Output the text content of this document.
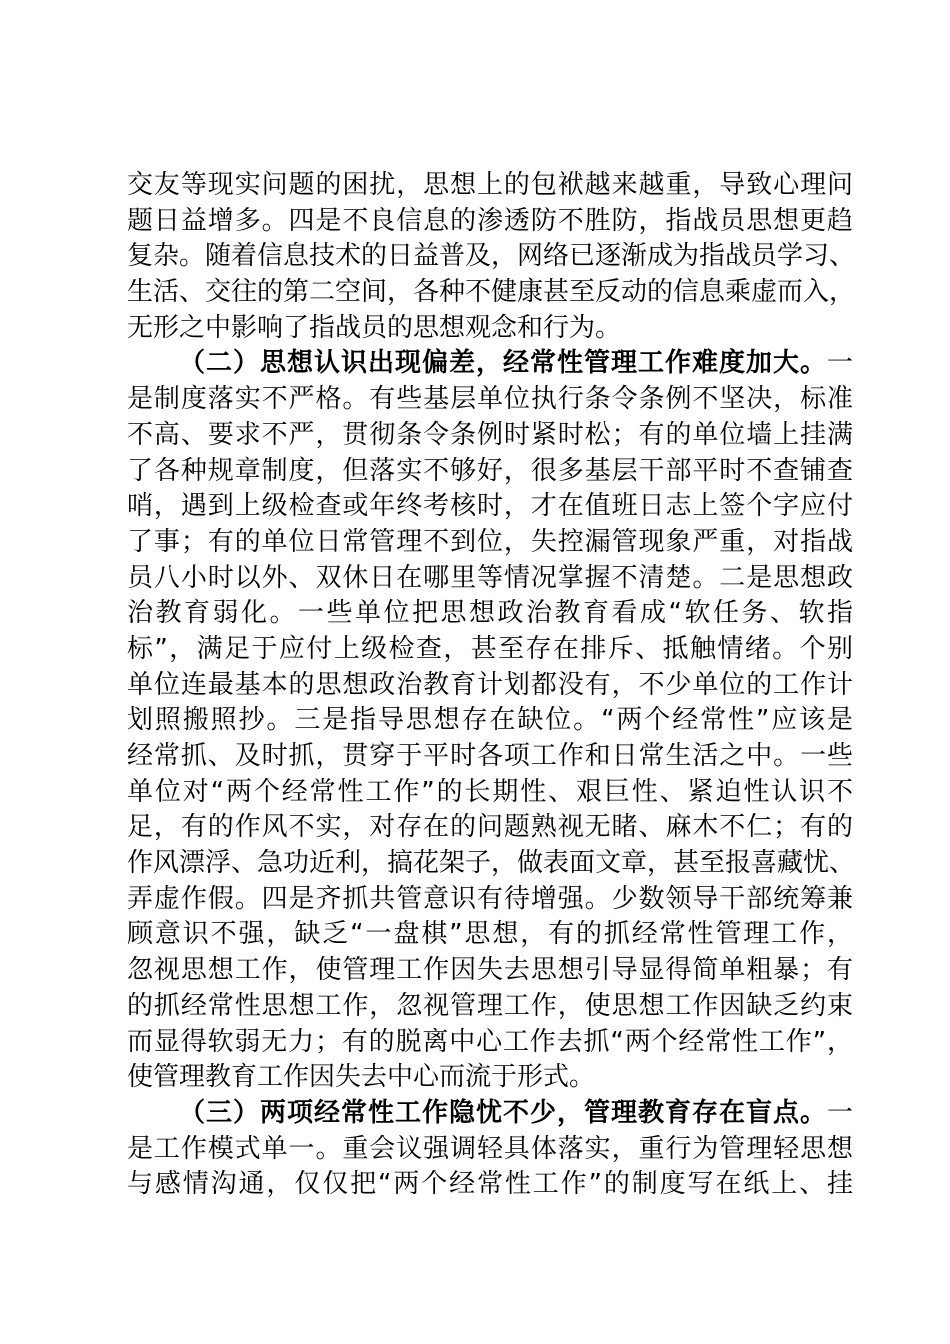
交友等现实问题的困扰，思想上的包袱越来越重，导致心理问
题日益增多。四是不良信息的渗透防不胜防，指战员思想更趋
复杂。随着信息技术的日益普及，网络已逐渐成为指战员学习、
生活、交往的第二空间，各种不健康甚至反动的信息乘虚而入，
无形之中影响了指战员的思想观念和行为。
（二）思想认识出现偏差，经常性管理工作难度加大。一
是制度落实不严格。有些基层单位执行条令条例不坚决，标准
不高、要求不严，贯彻条令条例时紧时松；有的单位墙上挂满
了各种规章制度，但落实不够好，很多基层干部平时不查铺查
哨，遇到上级检查或年终考核时，才在值班日志上签个字应付
了事；有的单位日常管理不到位，失控漏管现象严重，对指战
员八小时以外、双休日在哪里等情况掌握不清楚。二是思想政
治教育弱化。一些单位把思想政治教育看成“软任务、软指
标”，满足于应付上级检查，甚至存在排斥、抵触情绪。个别
单位连最基本的思想政治教育计划都没有，不少单位的工作计
划照搬照抄。三是指导思想存在缺位。“两个经常性”应该是
经常抓、及时抓，贯穿于平时各项工作和日常生活之中。一些
单位对“两个经常性工作”的长期性、艰巨性、紧迫性认识不
足，有的作风不实，对存在的问题熟视无睹、麻木不仁；有的
作风漂浮、急功近利，搞花架子，做表面文章，甚至报喜藏忧、
弄虚作假。四是齐抓共管意识有待增强。少数领导干部统筹兼
顾意识不强，缺乏“一盘棋”思想，有的抓经常性管理工作，
忽视思想工作，使管理工作因失去思想引导显得简单粗暴；有
的抓经常性思想工作，忽视管理工作，使思想工作因缺乏约束
而显得软弱无力；有的脱离中心工作去抓“两个经常性工作”，
使管理教育工作因失去中心而流于形式。
（三）两项经常性工作隐忧不少，管理教育存在盲点。一
是工作模式单一。重会议强调轻具体落实，重行为管理轻思想
与感情沟通，仅仅把“两个经常性工作”的制度写在纸上、挂
